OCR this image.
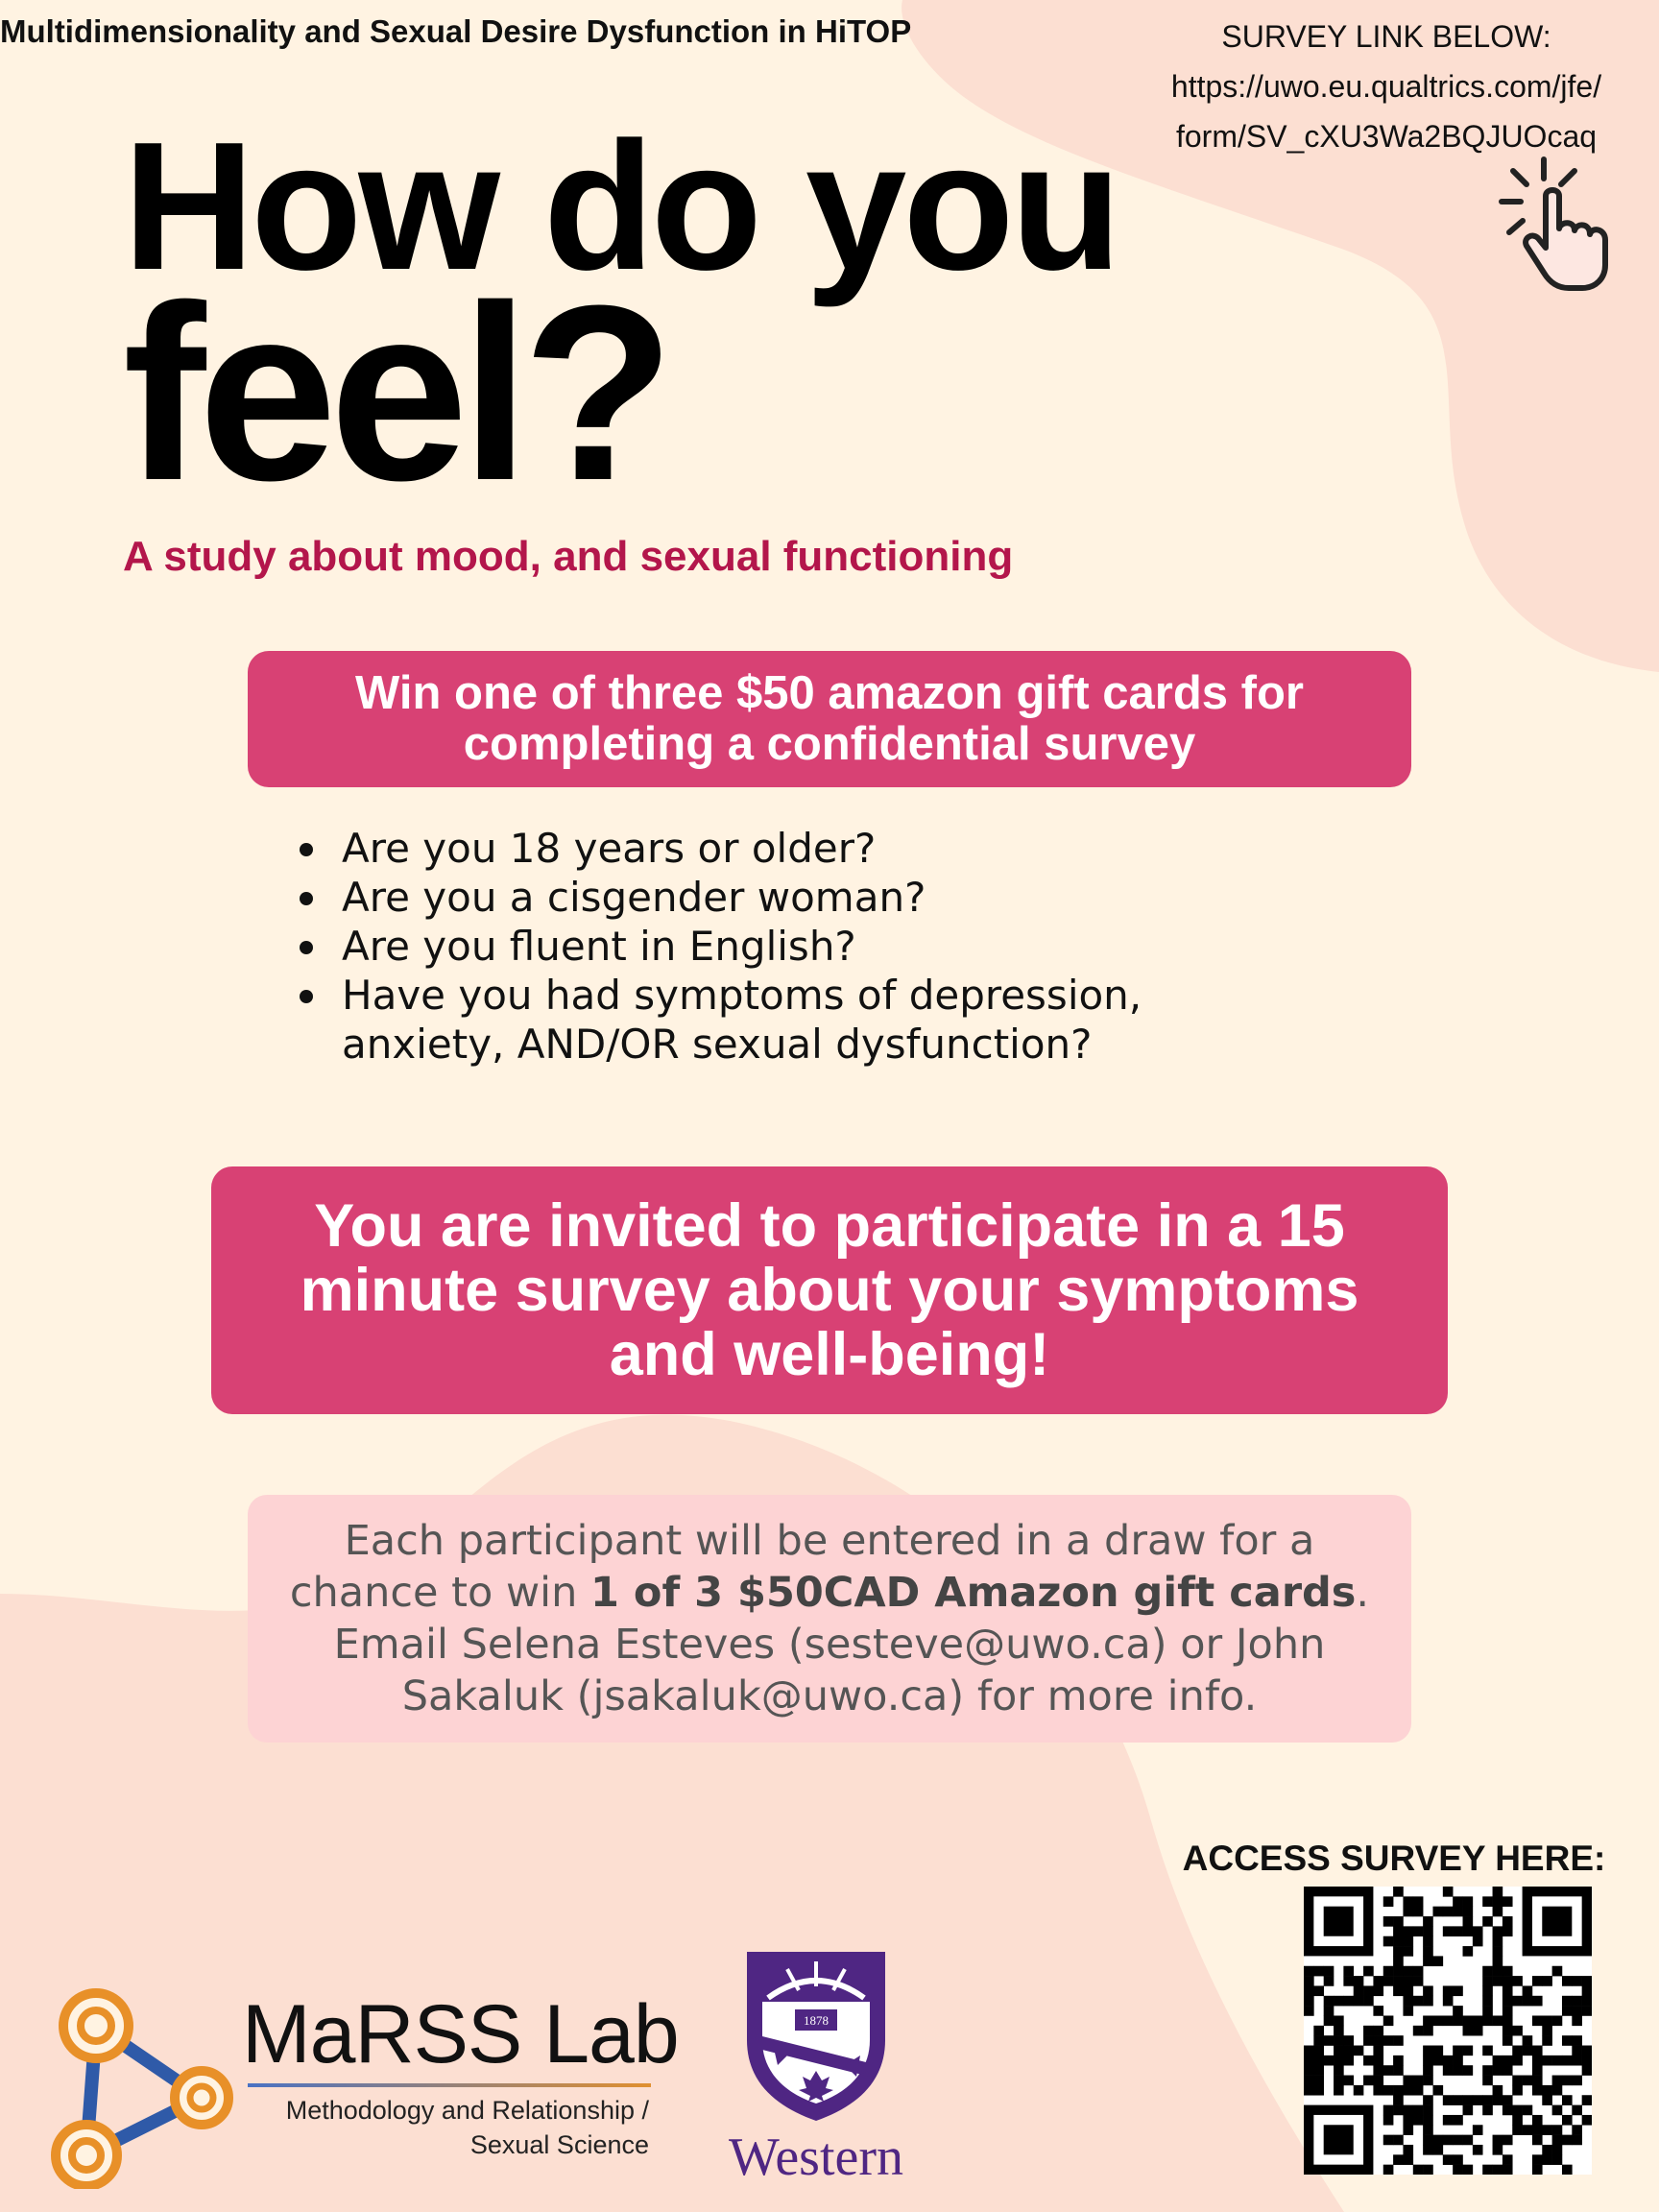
Multidimensionality and Sexual Desire Dysfunction in HiTOP	SURVEY LINK BELOW:
https://uwo.eu.qualtrics.com/jfe/
form/SV_cXU3Wa2BQJUOcaq
How do you
feel?
A study about mood, and sexual functioning
Win one of three $50 amazon gift cards for
completing a confidential survey
Are you 18 years or older?
Are you a cisgender woman?
Are you fluent in English?
Have you had symptoms of depression, anxiety, AND/OR sexual dysfunction?
You are invited to participate in a 15
minute survey about your symptoms
and well-being!
Each participant will be entered in a draw for a
chance to win 1 of 3 $50CAD Amazon gift cards.
Email Selena Esteves (sesteve@uwo.ca) or John
Sakaluk (jsakaluk@uwo.ca) for more info.
ACCESS SURVEY HERE:
MaRSS Lab
Methodology and Relationship /
Sexual Science
1878
Western
